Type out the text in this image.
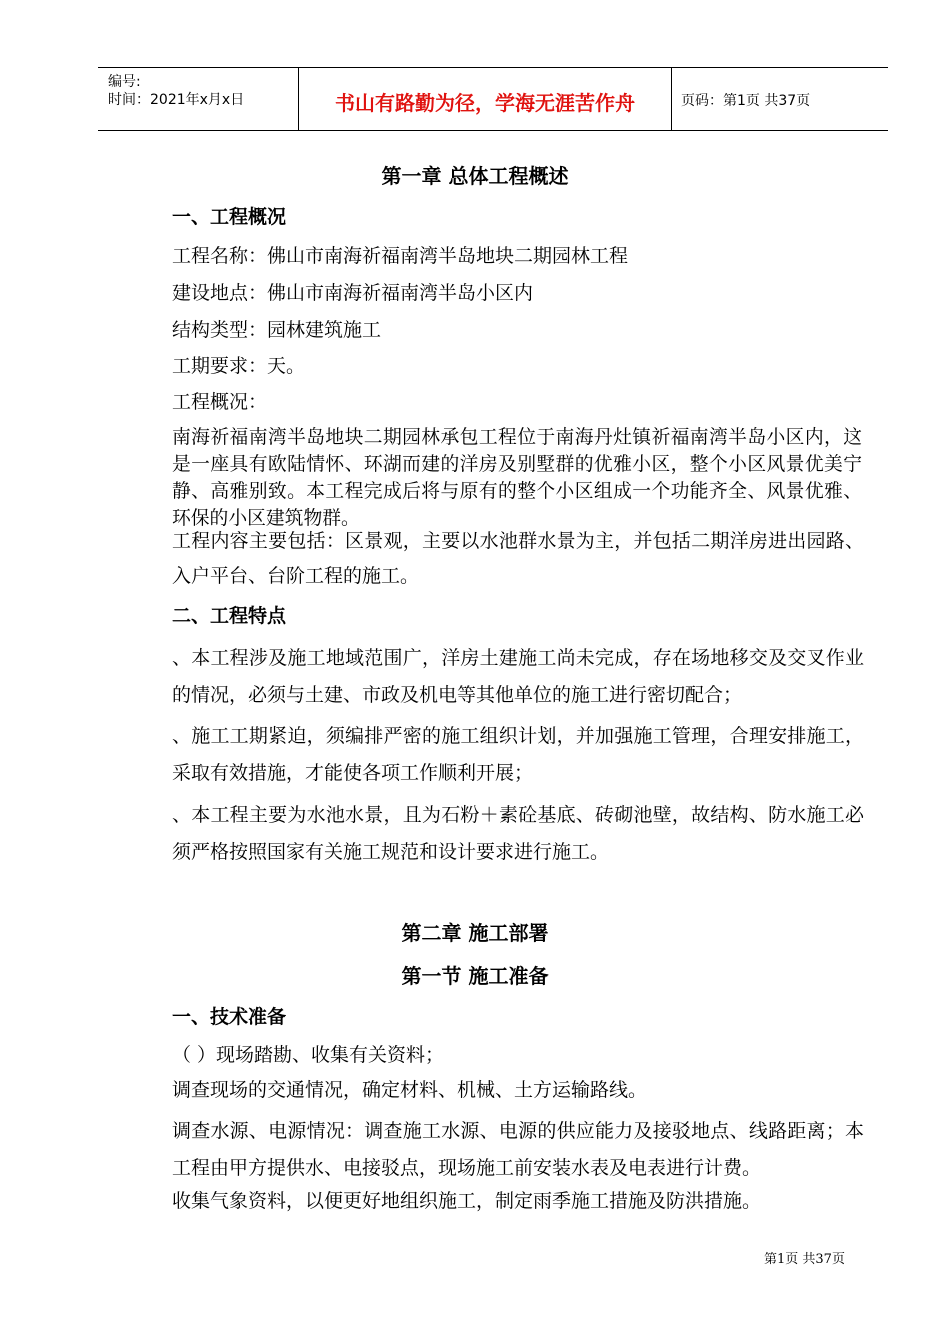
编号:
时间：2021年x月x日	书山有路勤为径，学海无涯苦作舟	页码：第1页 共37页
第一章 总体工程概述
一、工程概况
工程名称：佛山市南海祈福南湾半岛地块二期园林工程
建设地点：佛山市南海祈福南湾半岛小区内
结构类型：园林建筑施工
工期要求：天。
工程概况：
南海祈福南湾半岛地块二期园林承包工程位于南海丹灶镇祈福南湾半岛小区内，这是一座具有欧陆情怀、环湖而建的洋房及别墅群的优雅小区，整个小区风景优美宁静、高雅别致。本工程完成后将与原有的整个小区组成一个功能齐全、风景优雅、环保的小区建筑物群。
工程内容主要包括：区景观，主要以水池群水景为主，并包括二期洋房进出园路、入户平台、台阶工程的施工。
二、工程特点
、本工程涉及施工地域范围广，洋房土建施工尚未完成，存在场地移交及交叉作业的情况，必须与土建、市政及机电等其他单位的施工进行密切配合；
、施工工期紧迫，须编排严密的施工组织计划，并加强施工管理，合理安排施工，采取有效措施，才能使各项工作顺利开展；
、本工程主要为水池水景，且为石粉＋素砼基底、砖砌池壁，故结构、防水施工必须严格按照国家有关施工规范和设计要求进行施工。
第二章 施工部署
第一节 施工准备
一、技术准备
（ ）现场踏勘、收集有关资料；
调查现场的交通情况，确定材料、机械、土方运输路线。
调查水源、电源情况：调查施工水源、电源的供应能力及接驳地点、线路距离；本工程由甲方提供水、电接驳点，现场施工前安装水表及电表进行计费。
收集气象资料，以便更好地组织施工，制定雨季施工措施及防洪措施。
第1页 共37页
